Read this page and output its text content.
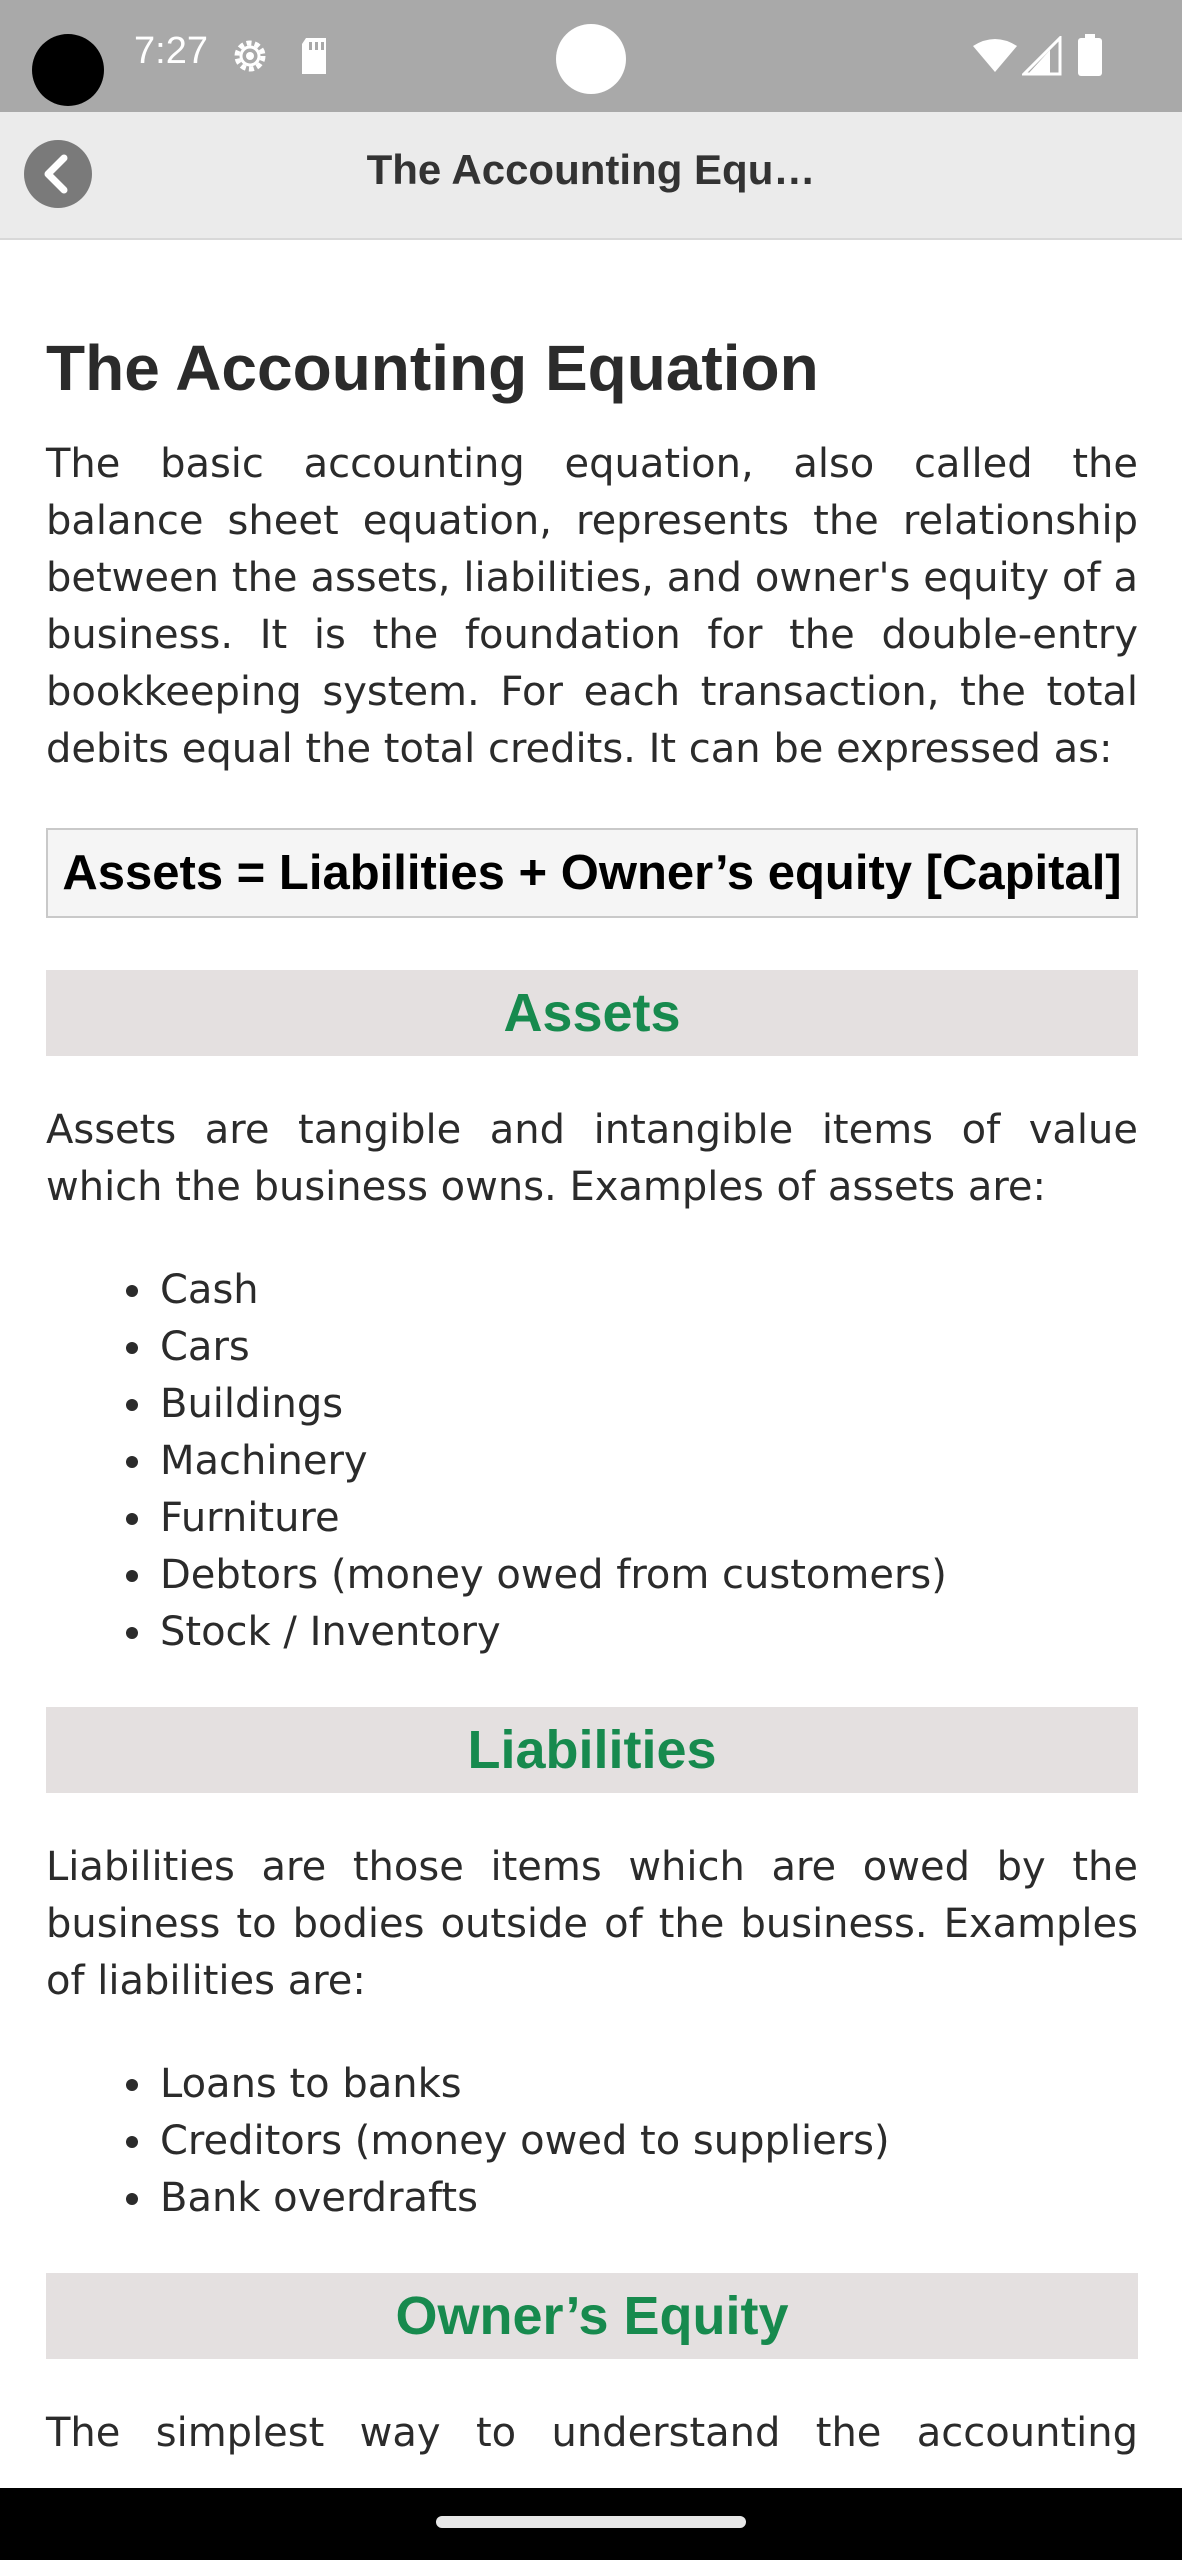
7:27
The Accounting Equ…
The Accounting Equation

The basic accounting equation, also called the balance sheet equation, represents the relationship between the assets, liabilities, and owner's equity of a business. It is the foundation for the double-entry bookkeeping system. For each transaction, the total debits equal the total credits. It can be expressed as:

Assets = Liabilities + Owner’s equity [Capital]
Assets

Assets are tangible and intangible items of value which the business owns. Examples of assets are:

Cash
Cars
Buildings
Machinery
Furniture
Debtors (money owed from customers)
Stock / Inventory
Liabilities

Liabilities are those items which are owed by the business to bodies outside of the business. Examples of liabilities are:

Loans to banks
Creditors (money owed to suppliers)
Bank overdrafts
Owner’s Equity

The simplest way to understand the accounting
